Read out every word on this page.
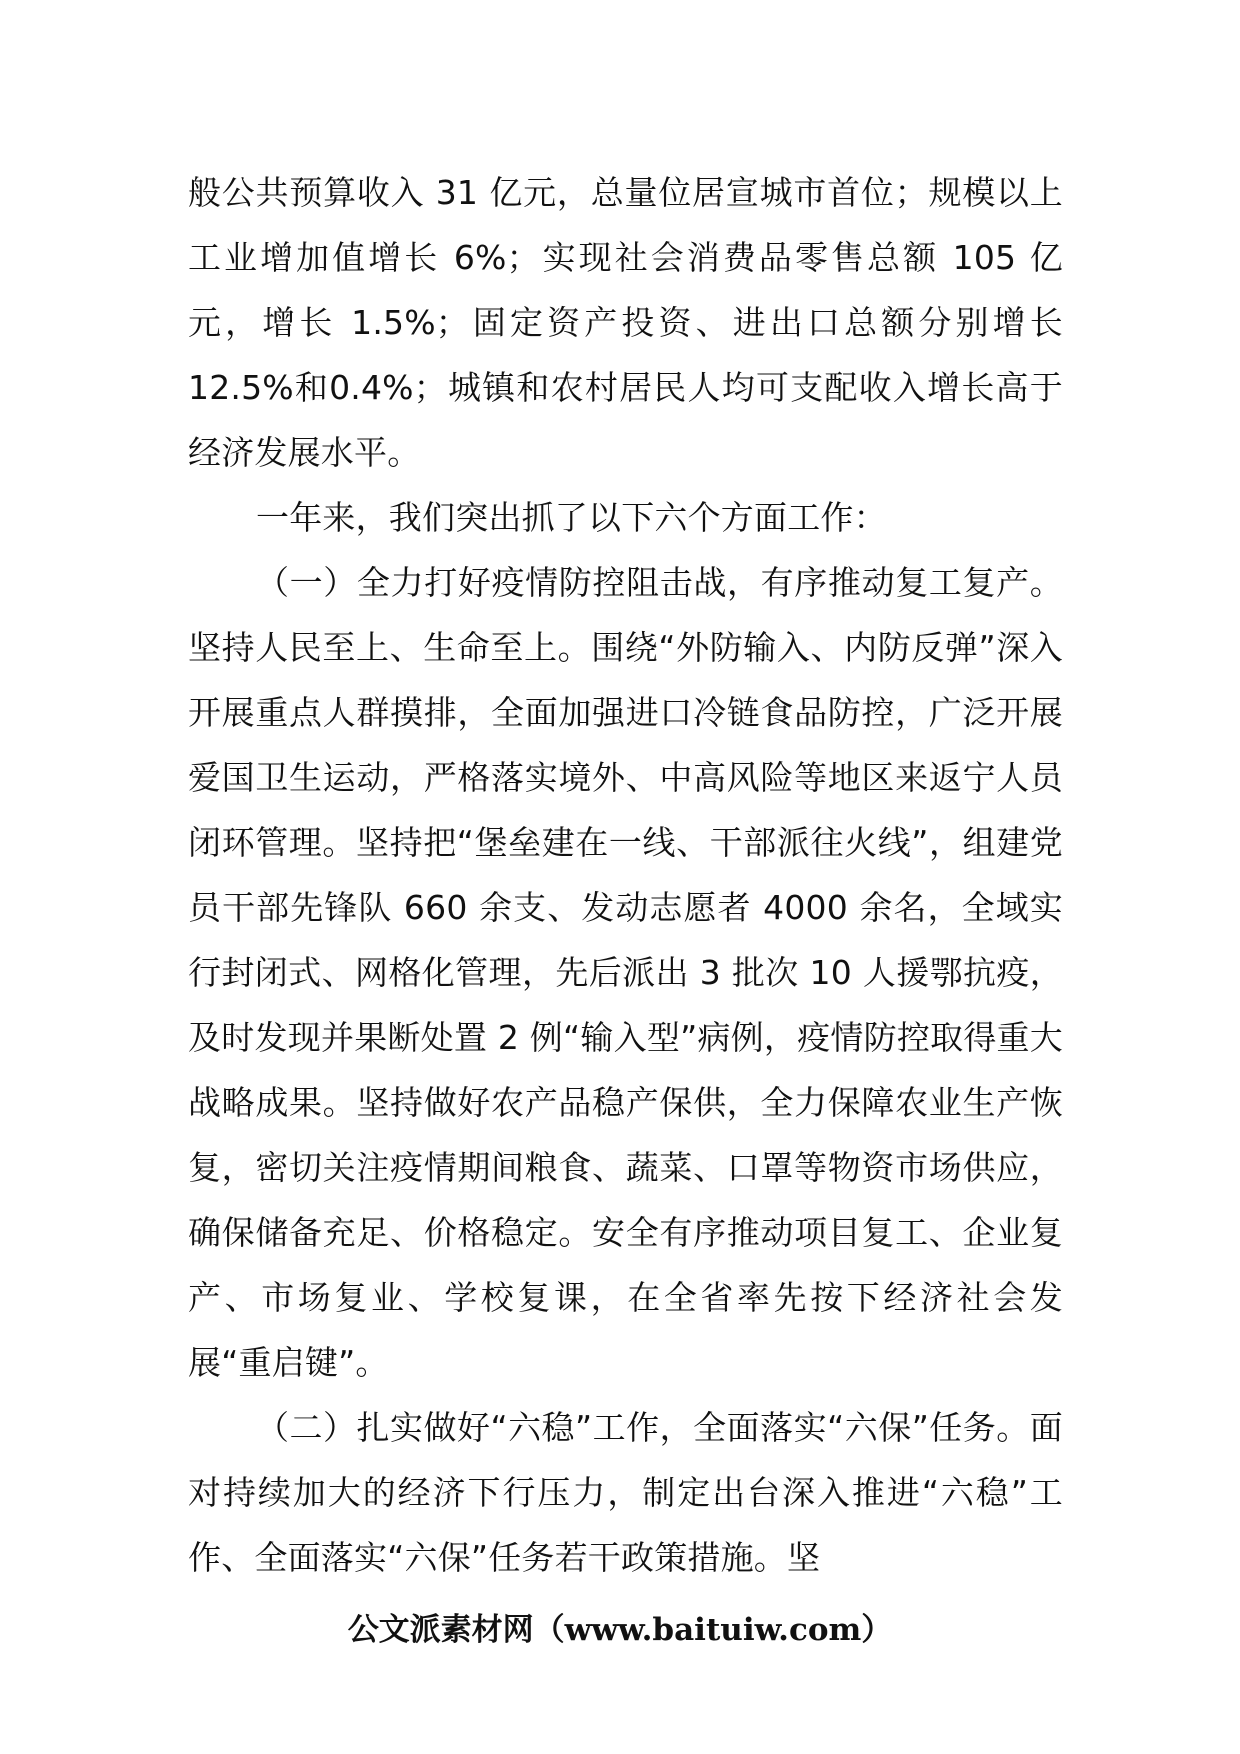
般公共预算收入 31 亿元，总量位居宣城市首位；规模以上工业增加值增长 6%；实现社会消费品零售总额 105 亿元，增长 1.5%；固定资产投资、进出口总额分别增长 12.5%和0.4%；城镇和农村居民人均可支配收入增长高于经济发展水平。

一年来，我们突出抓了以下六个方面工作：

（一）全力打好疫情防控阻击战，有序推动复工复产。坚持人民至上、生命至上。围绕“外防输入、内防反弹”深入开展重点人群摸排，全面加强进口冷链食品防控，广泛开展爱国卫生运动，严格落实境外、中高风险等地区来返宁人员闭环管理。坚持把“堡垒建在一线、干部派往火线”，组建党员干部先锋队 660 余支、发动志愿者 4000 余名，全域实行封闭式、网格化管理，先后派出 3 批次 10 人援鄂抗疫，及时发现并果断处置 2 例“输入型”病例，疫情防控取得重大战略成果。坚持做好农产品稳产保供，全力保障农业生产恢复，密切关注疫情期间粮食、蔬菜、口罩等物资市场供应，确保储备充足、价格稳定。安全有序推动项目复工、企业复产、市场复业、学校复课，在全省率先按下经济社会发展“重启键”。

（二）扎实做好“六稳”工作，全面落实“六保”任务。面对持续加大的经济下行压力，制定出台深入推进“六稳”工作、全面落实“六保”任务若干政策措施。坚

公文派素材网（www.baituiw.com）
